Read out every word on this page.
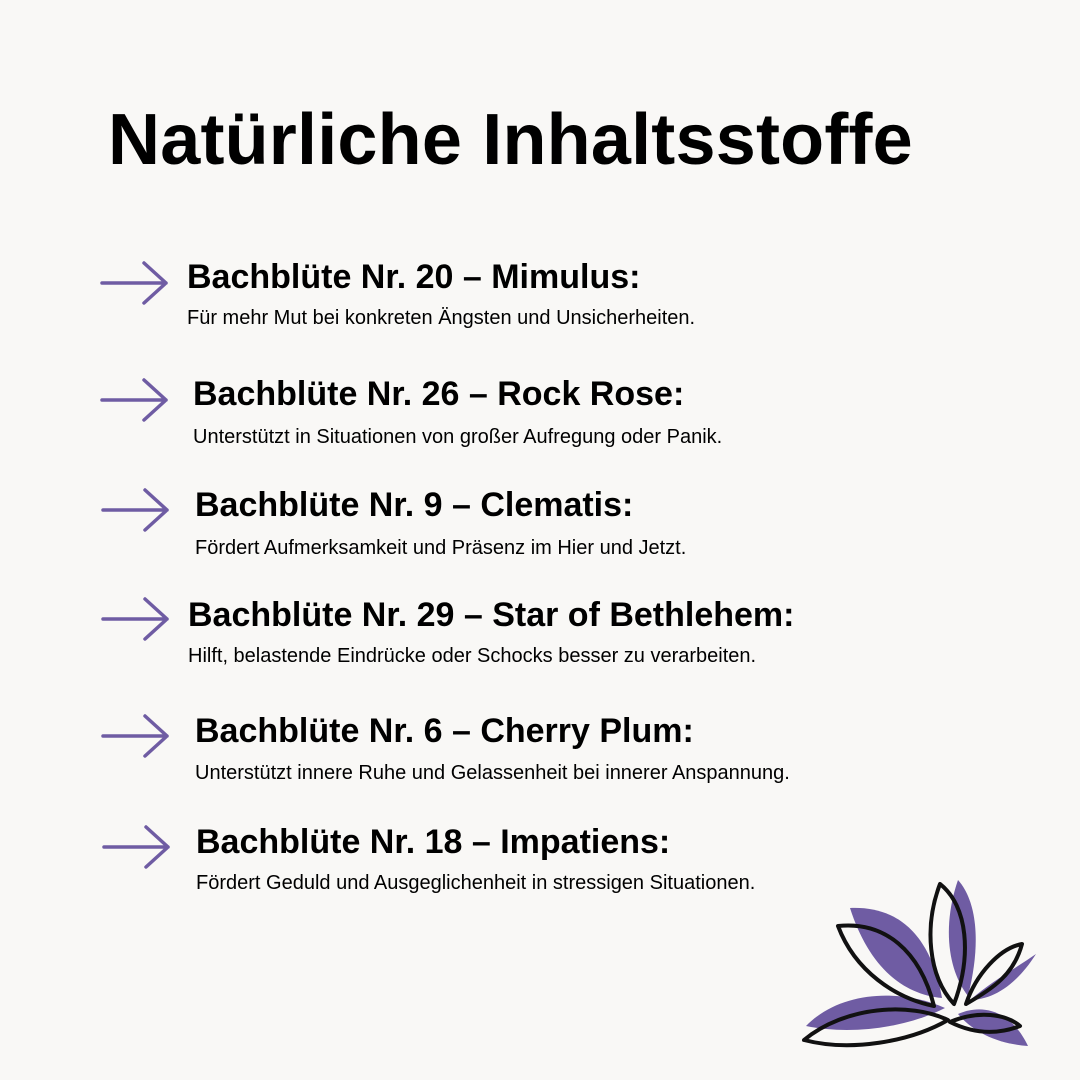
Natürliche Inhaltsstoffe
Bachblüte Nr. 20 – Mimulus:
Für mehr Mut bei konkreten Ängsten und Unsicherheiten.
Bachblüte Nr. 26 – Rock Rose:
Unterstützt in Situationen von großer Aufregung oder Panik.
Bachblüte Nr. 9 – Clematis:
Fördert Aufmerksamkeit und Präsenz im Hier und Jetzt.
Bachblüte Nr. 29 – Star of Bethlehem:
Hilft, belastende Eindrücke oder Schocks besser zu verarbeiten.
Bachblüte Nr. 6 – Cherry Plum:
Unterstützt innere Ruhe und Gelassenheit bei innerer Anspannung.
Bachblüte Nr. 18 – Impatiens:
Fördert Geduld und Ausgeglichenheit in stressigen Situationen.
